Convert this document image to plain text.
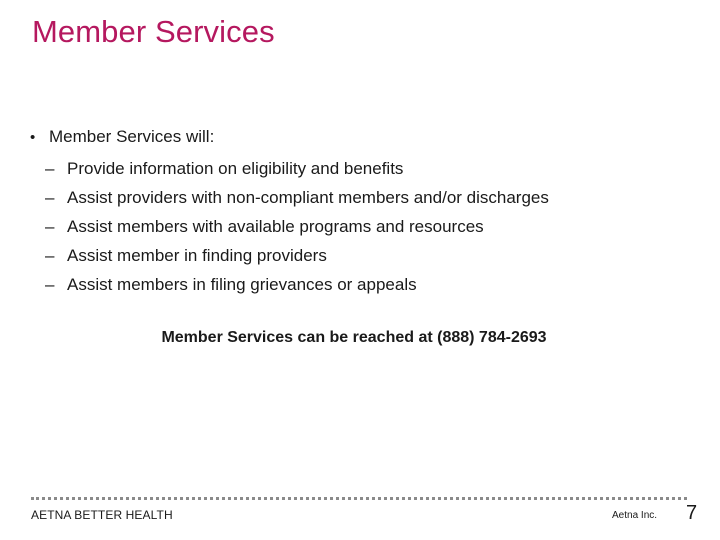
Member Services
• Member Services will:
– Provide information on eligibility and benefits
– Assist providers with non-compliant members and/or discharges
– Assist members with available programs and resources
– Assist member in finding providers
– Assist members in filing grievances or appeals
Member Services can be reached at (888) 784-2693
AETNA BETTER HEALTH	Aetna Inc. 7
